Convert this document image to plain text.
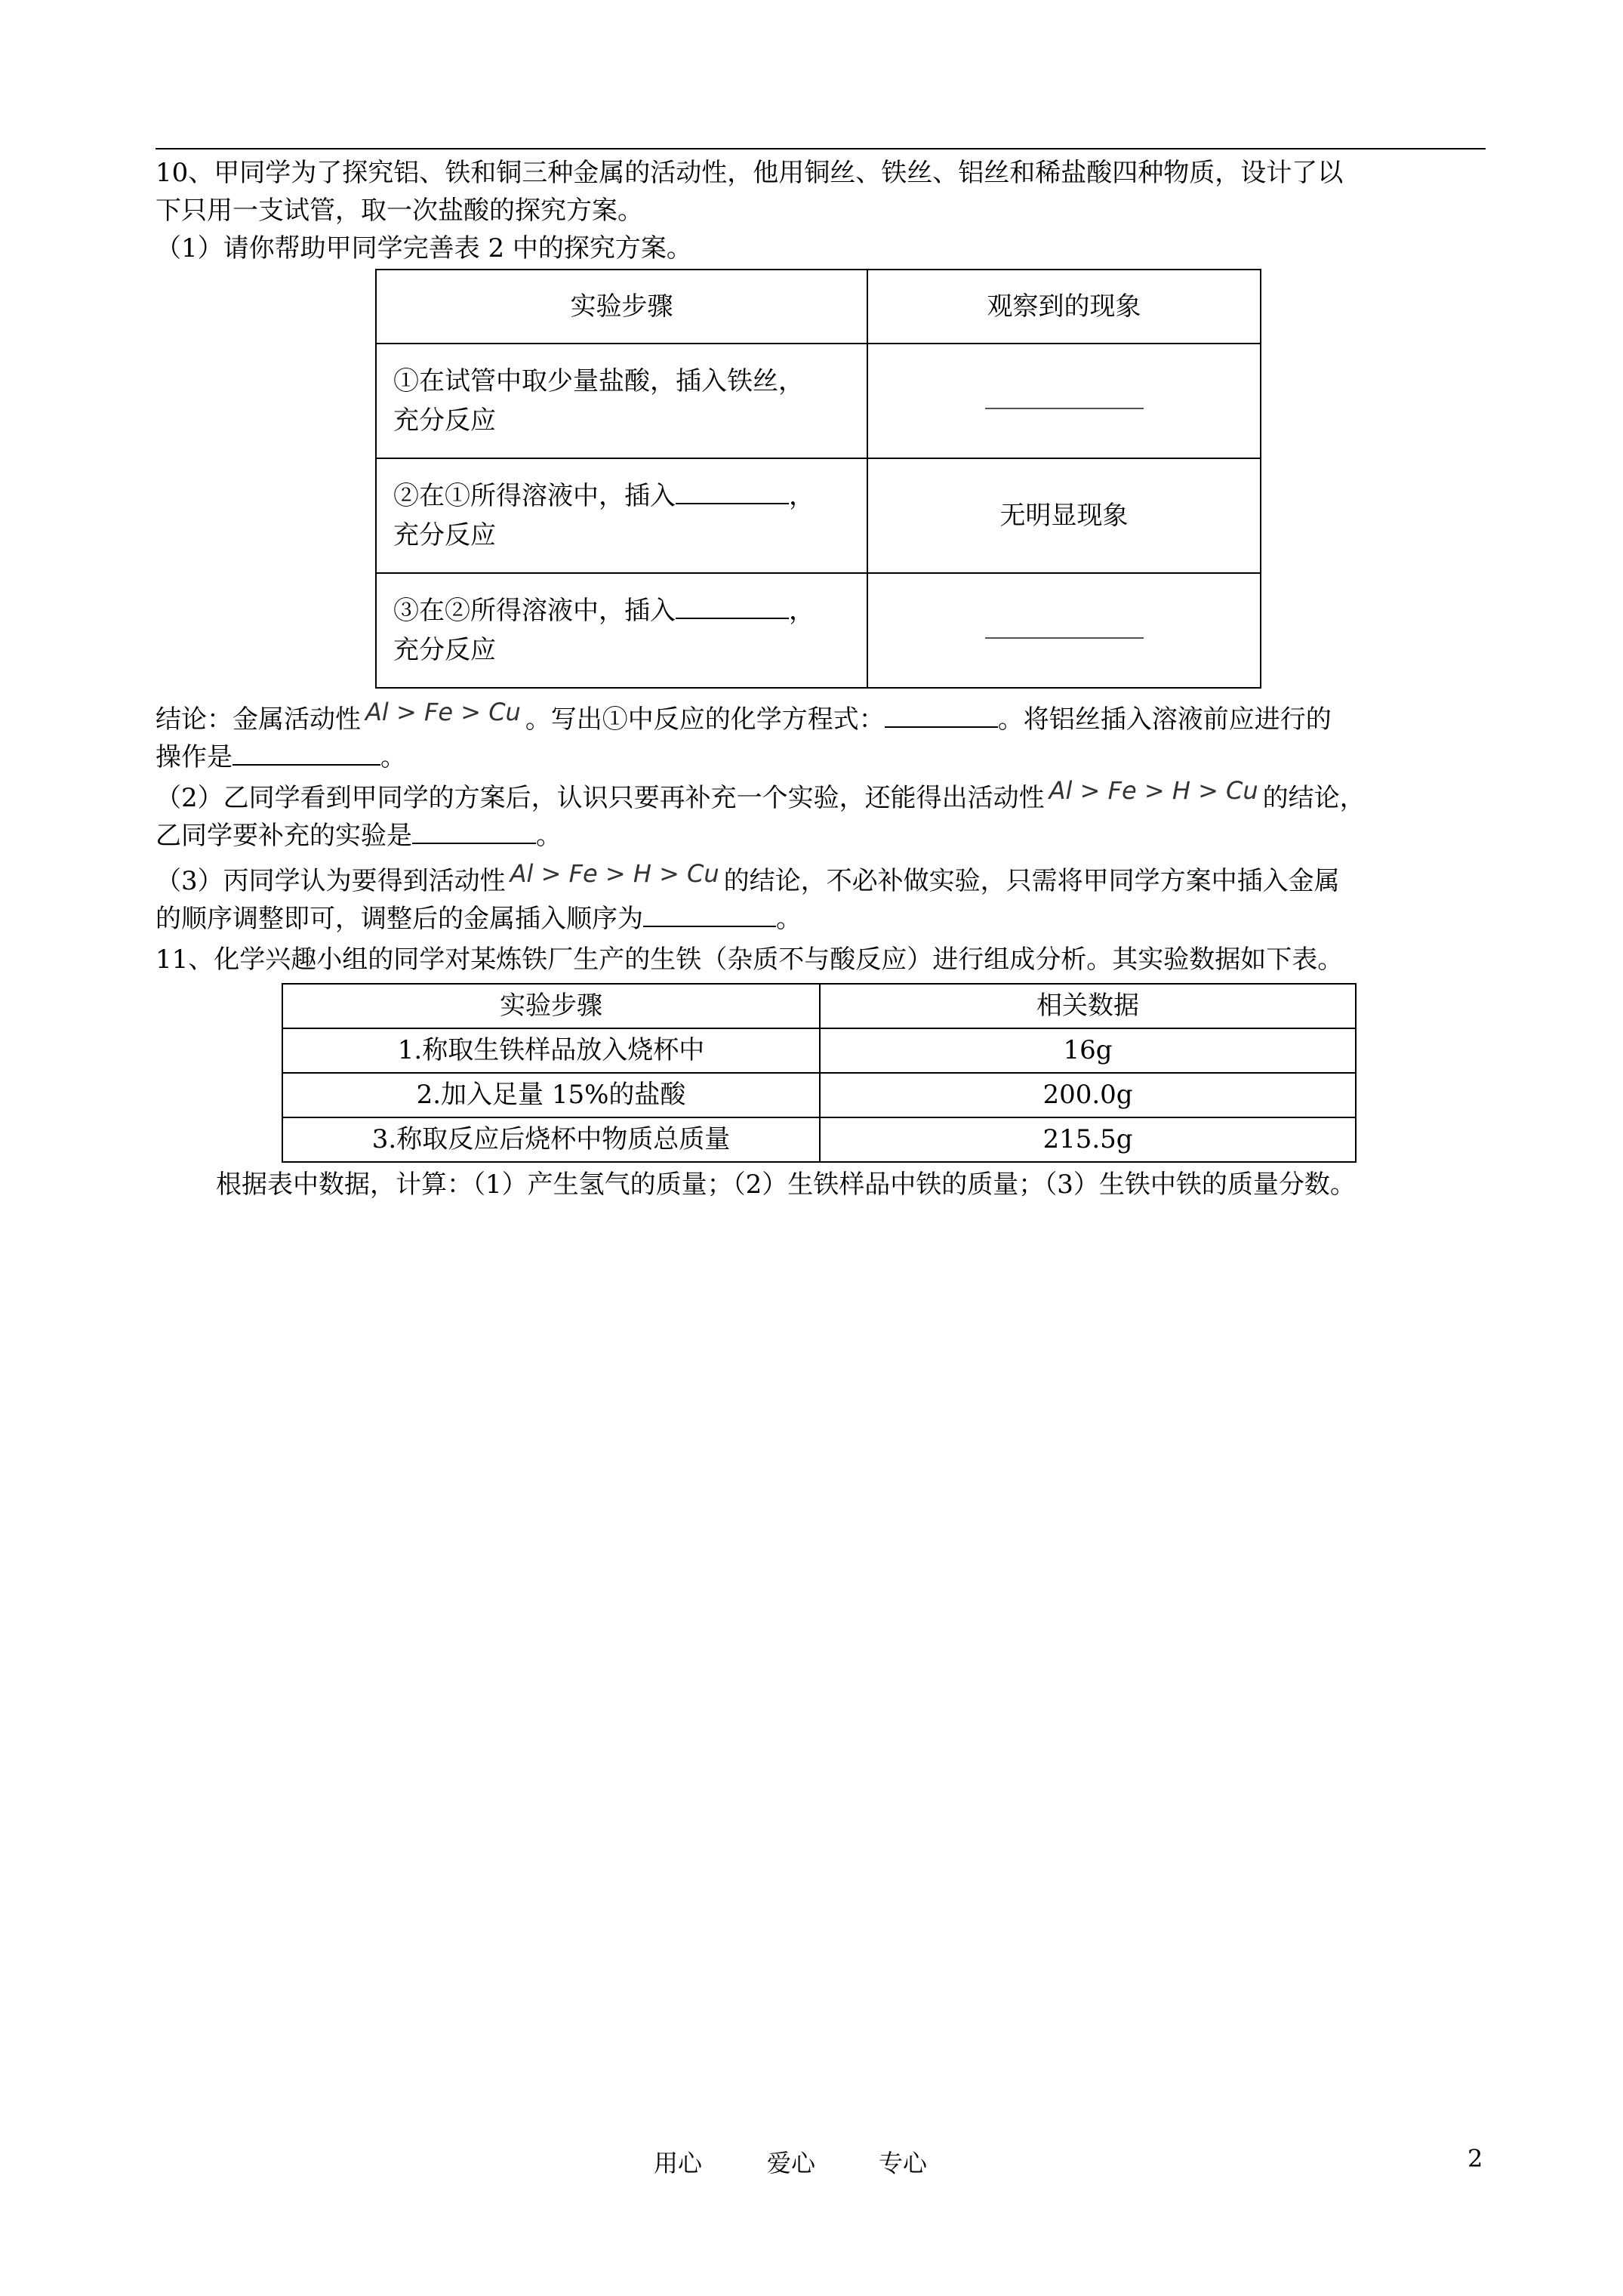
10、甲同学为了探究铝、铁和铜三种金属的活动性，他用铜丝、铁丝、铝丝和稀盐酸四种物质，设计了以
下只用一支试管，取一次盐酸的探究方案。
（1）请你帮助甲同学完善表 2 中的探究方案。
实验步骤	观察到的现象

①在试管中取少量盐酸，插入铁丝，
充分反应	

②在①所得溶液中，插入 ，
充分反应	无明显现象

③在②所得溶液中，插入 ，
充分反应	

结论：金属活动性 Al > Fe > Cu 。写出①中反应的化学方程式：	。将铝丝插入溶液前应进行的
操作是	。
（2）乙同学看到甲同学的方案后，认识只要再补充一个实验，还能得出活动性 Al > Fe > H > Cu 的结论，
乙同学要补充的实验是	。
（3）丙同学认为要得到活动性 Al > Fe > H > Cu 的结论，不必补做实验，只需将甲同学方案中插入金属
的顺序调整即可，调整后的金属插入顺序为	。
11、化学兴趣小组的同学对某炼铁厂生产的生铁（杂质不与酸反应）进行组成分析。其实验数据如下表。
实验步骤	相关数据
1.称取生铁样品放入烧杯中	16g
2.加入足量 15%的盐酸	200.0g
3.称取反应后烧杯中物质总质量	215.5g
根据表中数据，计算：（1）产生氢气的质量；（2）生铁样品中铁的质量；（3）生铁中铁的质量分数。
用心	爱心	专心	2
